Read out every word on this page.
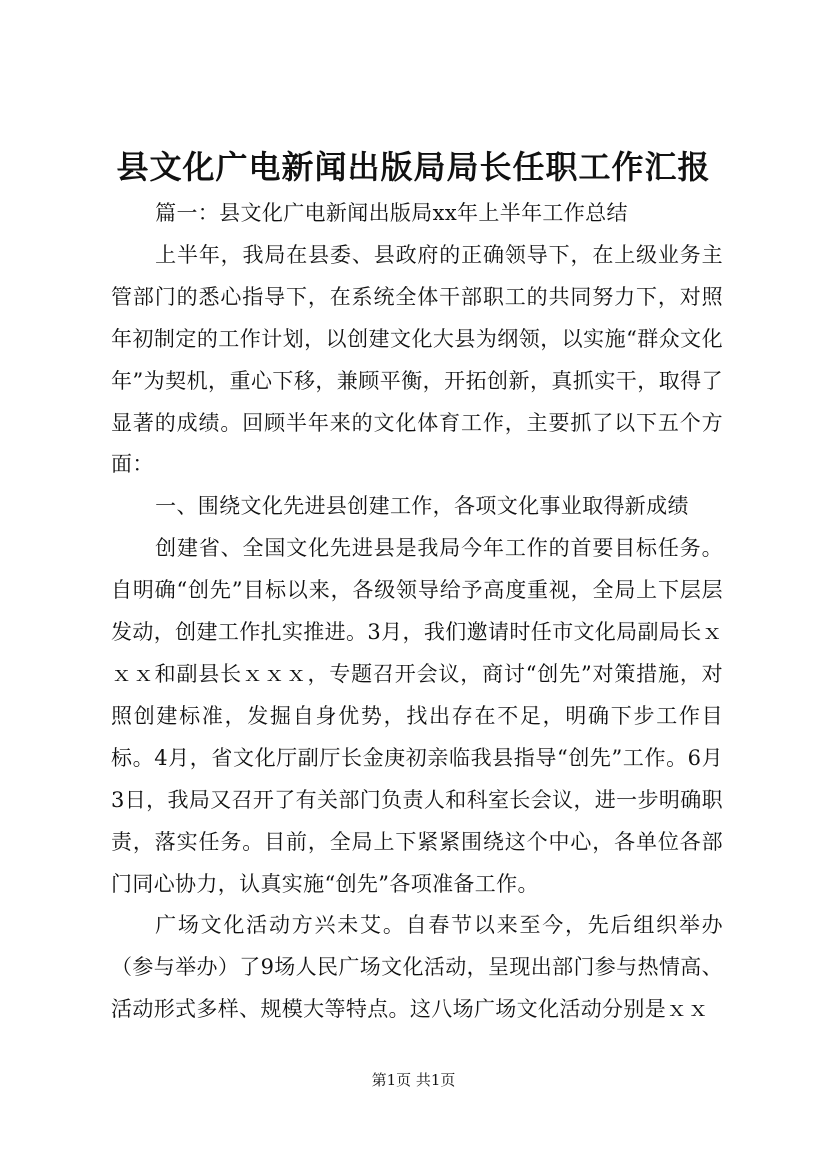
县文化广电新闻出版局局长任职工作汇报

篇一：县文化广电新闻出版局xx年上半年工作总结

上半年，我局在县委、县政府的正确领导下，在上级业务主管部门的悉心指导下，在系统全体干部职工的共同努力下，对照年初制定的工作计划，以创建文化大县为纲领，以实施“群众文化年”为契机，重心下移，兼顾平衡，开拓创新，真抓实干，取得了显著的成绩。回顾半年来的文化体育工作，主要抓了以下五个方面：

一、围绕文化先进县创建工作，各项文化事业取得新成绩

创建省、全国文化先进县是我局今年工作的首要目标任务。自明确“创先”目标以来，各级领导给予高度重视，全局上下层层发动，创建工作扎实推进。3月，我们邀请时任市文化局副局长ｘｘｘ和副县长ｘｘｘ，专题召开会议，商讨“创先”对策措施，对照创建标准，发掘自身优势，找出存在不足，明确下步工作目标。4月，省文化厅副厅长金庚初亲临我县指导“创先”工作。6月3日，我局又召开了有关部门负责人和科室长会议，进一步明确职责，落实任务。目前，全局上下紧紧围绕这个中心，各单位各部门同心协力，认真实施“创先”各项准备工作。

广场文化活动方兴未艾。自春节以来至今，先后组织举办（参与举办）了9场人民广场文化活动，呈现出部门参与热情高、活动形式多样、规模大等特点。这八场广场文化活动分别是ｘｘ

第1页 共1页
